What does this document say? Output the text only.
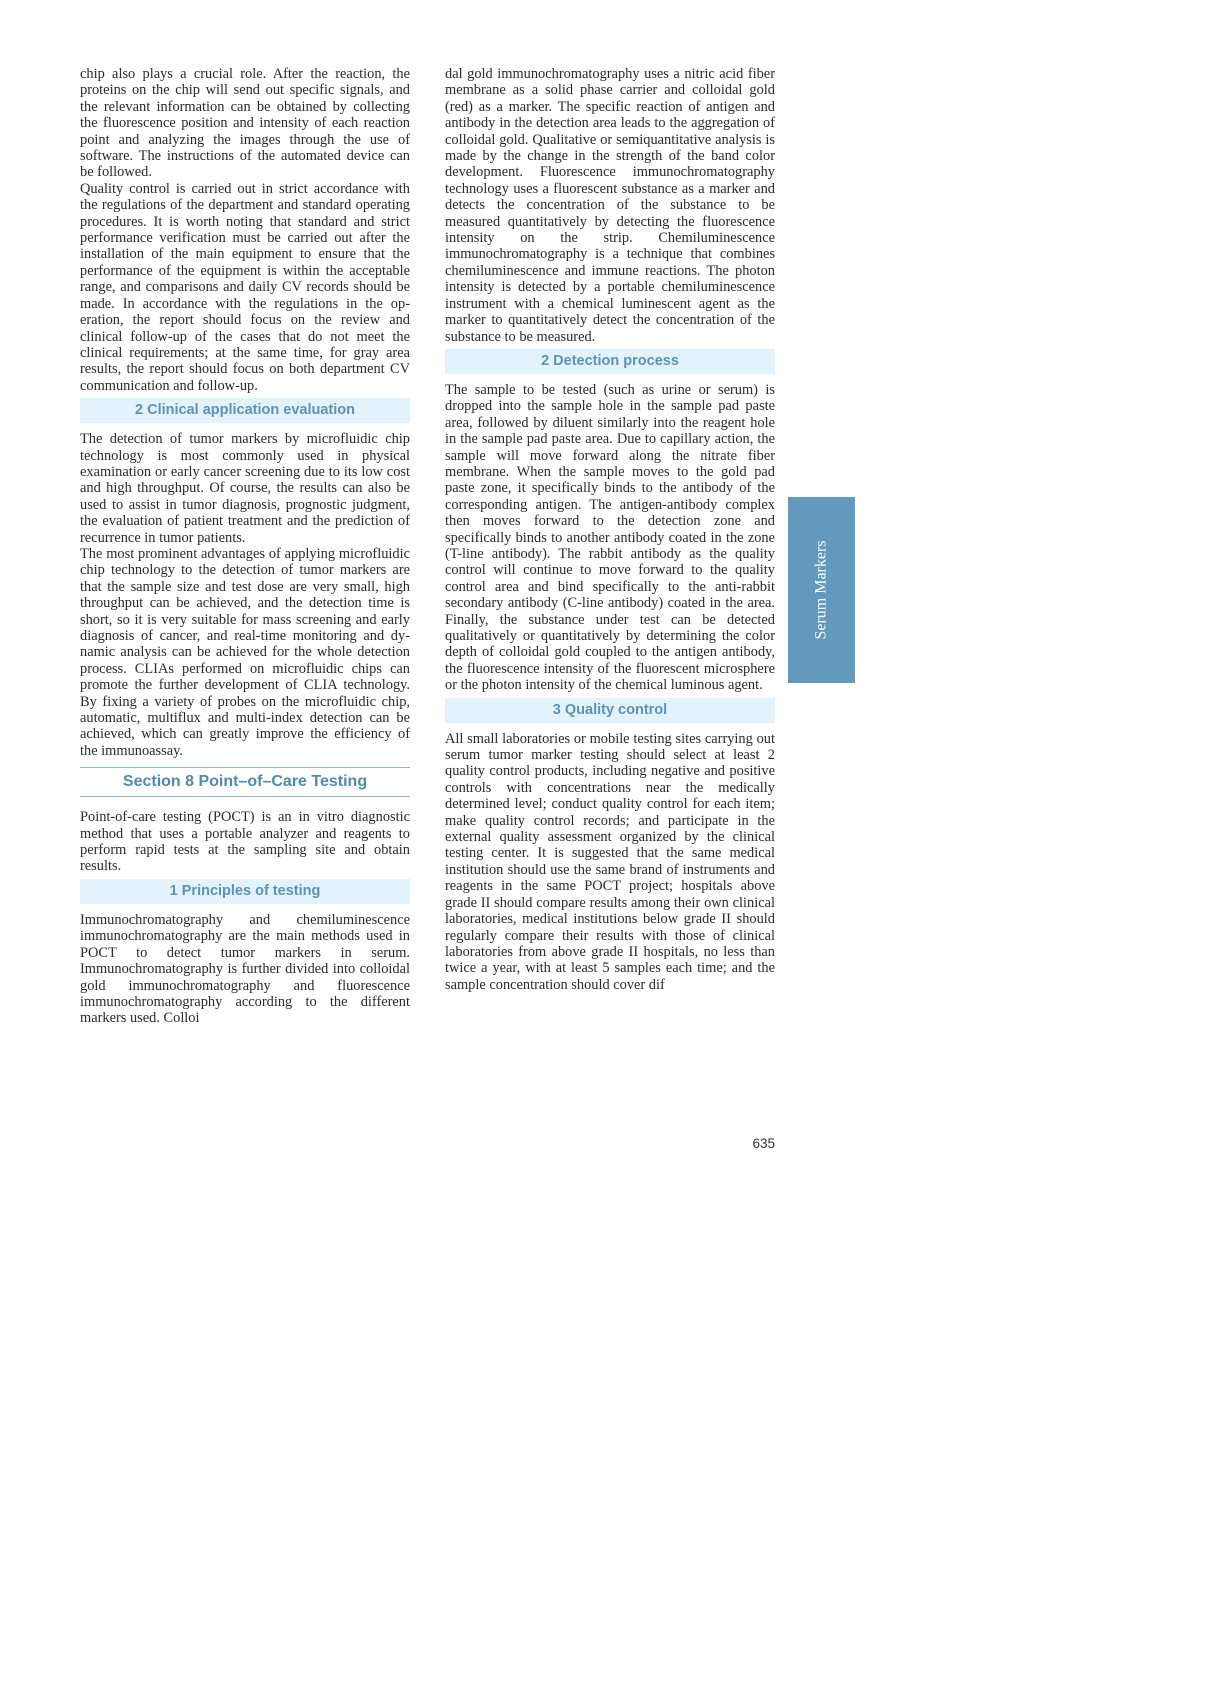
chip also plays a crucial role. After the reaction, the proteins on the chip will send out specific signals, and the relevant information can be obtained by collecting the fluorescence position and intensity of each reaction point and analyzing the images through the use of software. The instructions of the automated device can be followed.

Quality control is carried out in strict accordance with the regulations of the department and standard operating procedures. It is worth noting that standard and strict performance verification must be carried out after the installation of the main equipment to ensure that the performance of the equipment is within the acceptable range, and comparisons and daily CV records should be made. In accordance with the regulations in the operation, the report should focus on the review and clinical follow-up of the cases that do not meet the clinical requirements; at the same time, for gray area results, the report should focus on both department CV communication and follow-up.

2 Clinical application evaluation

The detection of tumor markers by microfluidic chip technology is most commonly used in physical examination or early cancer screening due to its low cost and high throughput. Of course, the results can also be used to assist in tumor diagnosis, prognostic judgment, the evaluation of patient treatment and the prediction of recurrence in tumor patients.

The most prominent advantages of applying microfluidic chip technology to the detection of tumor markers are that the sample size and test dose are very small, high throughput can be achieved, and the detection time is short, so it is very suitable for mass screening and early diagnosis of cancer, and real-time monitoring and dynamic analysis can be achieved for the whole detection process. CLIAs performed on microfluidic chips can promote the further development of CLIA technology. By fixing a variety of probes on the microfluidic chip, automatic, multiflux and multi-index detection can be achieved, which can greatly improve the efficiency of the immunoassay.

Section 8 Point–of–Care Testing

Point-of-care testing (POCT) is an in vitro diagnostic method that uses a portable analyzer and reagents to perform rapid tests at the sampling site and obtain results.

1 Principles of testing

Immunochromatography and chemiluminescence immunochromatography are the main methods used in POCT to detect tumor markers in serum. Immunochromatography is further divided into colloidal gold immunochromatography and fluorescence immunochromatography according to the different markers used. Colloi

dal gold immunochromatography uses a nitric acid fiber membrane as a solid phase carrier and colloidal gold (red) as a marker. The specific reaction of antigen and antibody in the detection area leads to the aggregation of colloidal gold. Qualitative or semiquantitative analysis is made by the change in the strength of the band color development. Fluorescence immunochromatography technology uses a fluorescent substance as a marker and detects the concentration of the substance to be measured quantitatively by detecting the fluorescence intensity on the strip. Chemiluminescence immunochromatography is a technique that combines chemiluminescence and immune reactions. The photon intensity is detected by a portable chemiluminescence instrument with a chemical luminescent agent as the marker to quantitatively detect the concentration of the substance to be measured.

2 Detection process

The sample to be tested (such as urine or serum) is dropped into the sample hole in the sample pad paste area, followed by diluent similarly into the reagent hole in the sample pad paste area. Due to capillary action, the sample will move forward along the nitrate fiber membrane. When the sample moves to the gold pad paste zone, it specifically binds to the antibody of the corresponding antigen. The antigen-antibody complex then moves forward to the detection zone and specifically binds to another antibody coated in the zone (T-line antibody). The rabbit antibody as the quality control will continue to move forward to the quality control area and bind specifically to the anti-rabbit secondary antibody (C-line antibody) coated in the area. Finally, the substance under test can be detected qualitatively or quantitatively by determining the color depth of colloidal gold coupled to the antigen antibody, the fluorescence intensity of the fluorescent microsphere or the photon intensity of the chemical luminous agent.

3 Quality control

All small laboratories or mobile testing sites carrying out serum tumor marker testing should select at least 2 quality control products, including negative and positive controls with concentrations near the medically determined level; conduct quality control for each item; make quality control records; and participate in the external quality assessment organized by the clinical testing center. It is suggested that the same medical institution should use the same brand of instruments and reagents in the same POCT project; hospitals above grade II should compare results among their own clinical laboratories, medical institutions below grade II should regularly compare their results with those of clinical laboratories from above grade II hospitals, no less than twice a year, with at least 5 samples each time; and the sample concentration should cover dif

Serum Markers
635
